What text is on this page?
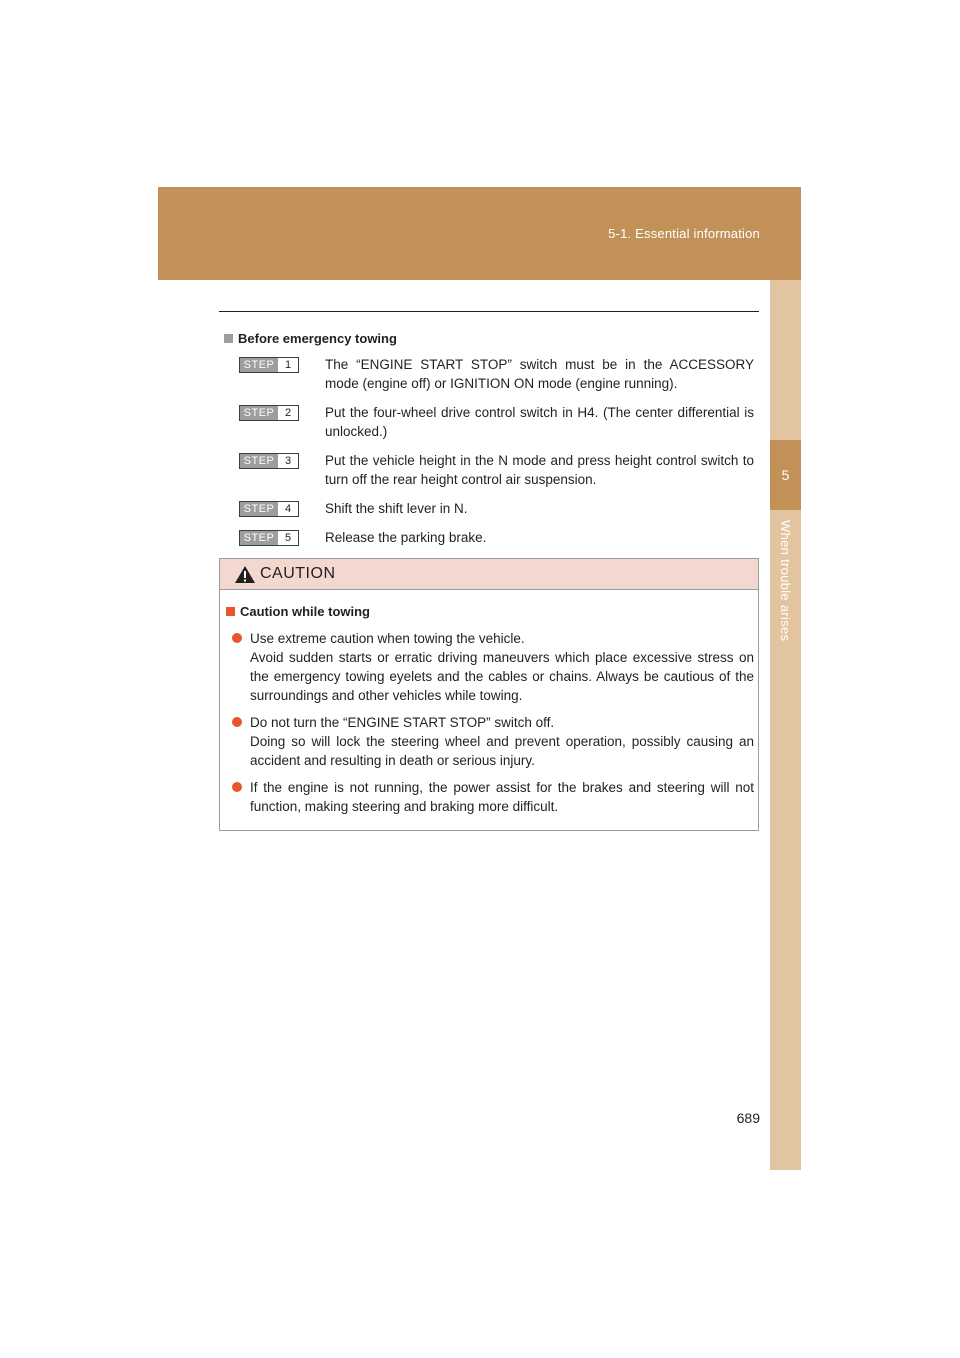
5-1. Essential information
5
When trouble arises
Before emergency towing
STEP 1	The “ENGINE START STOP” switch must be in the ACCESSORY mode (engine off) or IGNITION ON mode (engine running).
STEP 2	Put the four-wheel drive control switch in H4. (The center differential is unlocked.)
STEP 3	Put the vehicle height in the N mode and press height control switch to turn off the rear height control air suspension.
STEP 4	Shift the shift lever in N.
STEP 5	Release the parking brake.
CAUTION
Caution while towing
Use extreme caution when towing the vehicle.
Avoid sudden starts or erratic driving maneuvers which place excessive stress on the emergency towing eyelets and the cables or chains. Always be cautious of the surroundings and other vehicles while towing.
Do not turn the “ENGINE START STOP” switch off.
Doing so will lock the steering wheel and prevent operation, possibly causing an accident and resulting in death or serious injury.
If the engine is not running, the power assist for the brakes and steering will not function, making steering and braking more difficult.
689
